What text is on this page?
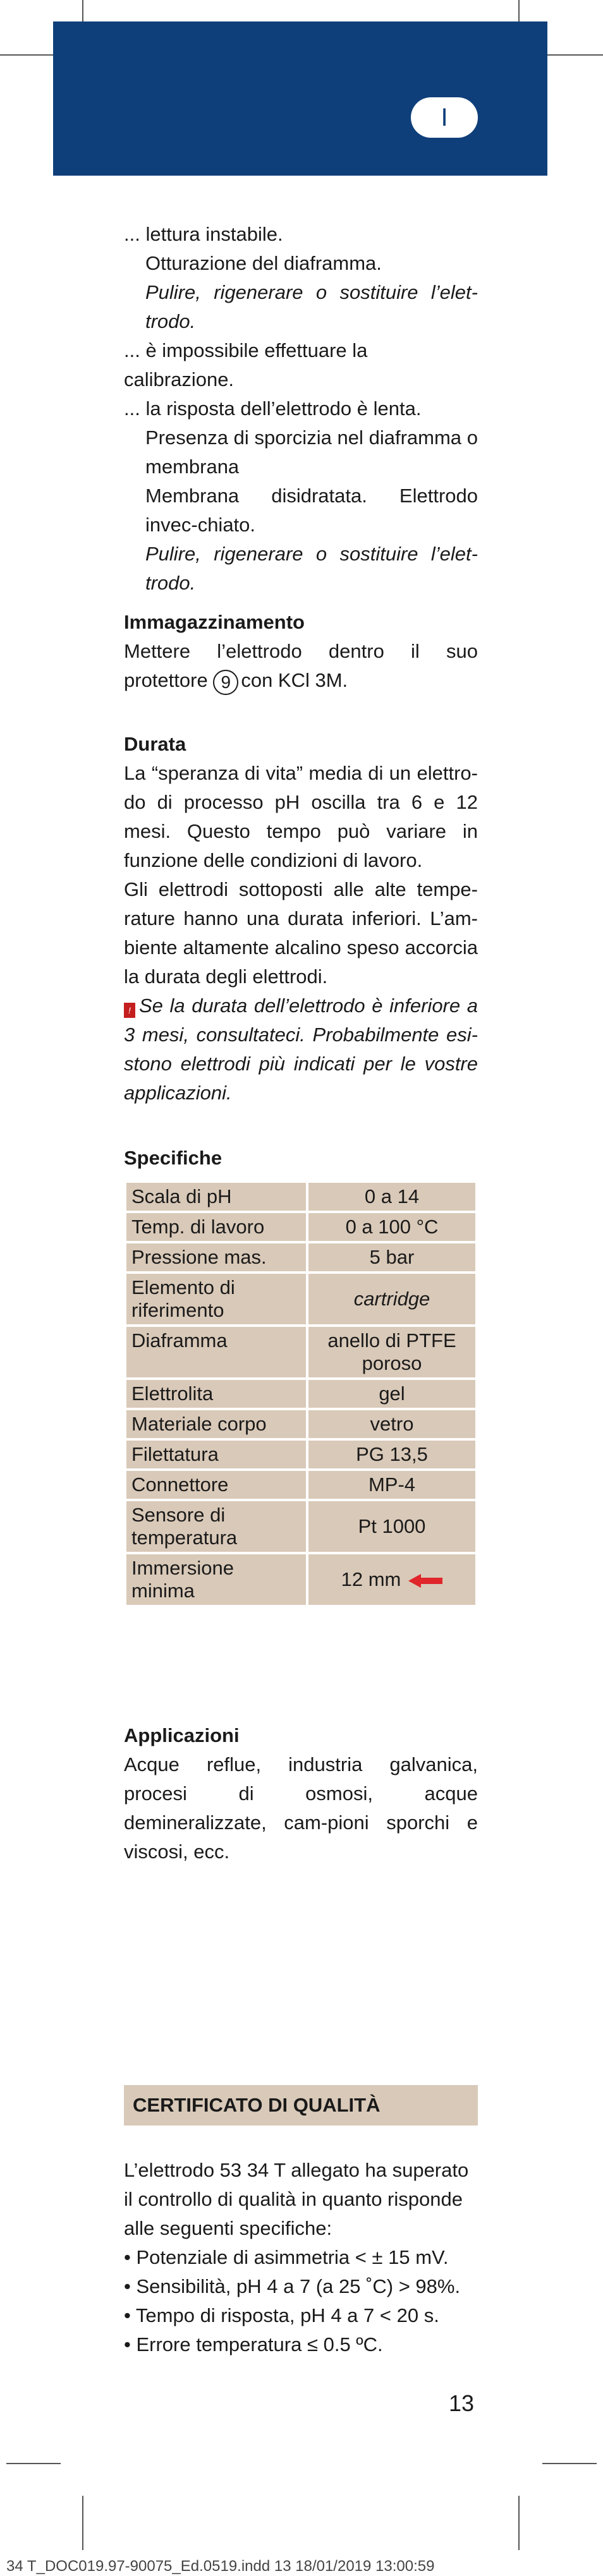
I

... lettura instabile.

Otturazione del diaframma.

Pulire, rigenerare o sostituire l’elet-trodo.

... è impossibile effettuare la calibrazione.

... la risposta dell’elettrodo è lenta.

Presenza di sporcizia nel diaframma o membrana

Membrana disidratata. Elettrodo invec-chiato.

Pulire, rigenerare o sostituire l’elet-trodo.

Immagazzinamento

Mettere l’elettrodo dentro il suo protettore 9 con KCl 3M.

Durata

La “speranza di vita” media di un elettro-do di processo pH oscilla tra 6 e 12 mesi. Questo tempo può variare in funzione delle condizioni di lavoro.

Gli elettrodi sottoposti alle alte tempe-rature hanno una durata inferiori. L’am-biente altamente alcalino speso accorcia la durata degli elettrodi.

! Se la durata dell’elettrodo è inferiore a 3 mesi, consultateci. Probabilmente esi-stono elettrodi più indicati per le vostre applicazioni.

Specifiche

Scala di pH	0 a 14
Temp. di lavoro	0 a 100 °C
Pressione mas.	5 bar
Elemento di riferimento	cartridge
Diaframma	anello di PTFE poroso
Elettrolita	gel
Materiale corpo	vetro
Filettatura	PG 13,5
Connettore	MP-4
Sensore di temperatura	Pt 1000
Immersione minima	12 mm

Applicazioni

Acque reflue, industria galvanica, procesi di osmosi, acque demineralizzate, cam-pioni sporchi e viscosi, ecc.

CERTIFICATO DI QUALITÀ

L’elettrodo 53 34 T allegato ha superato il controllo di qualità in quanto risponde alle seguenti specifiche:

• Potenziale di asimmetria < ± 15 mV.

• Sensibilità, pH 4 a 7 (a 25 ˚C) > 98%.

• Tempo di risposta, pH 4 a 7 < 20 s.

• Errore temperatura ≤ 0.5 ºC.

13
34 T_DOC019.97-90075_Ed.0519.indd 13 18/01/2019 13:00:59
